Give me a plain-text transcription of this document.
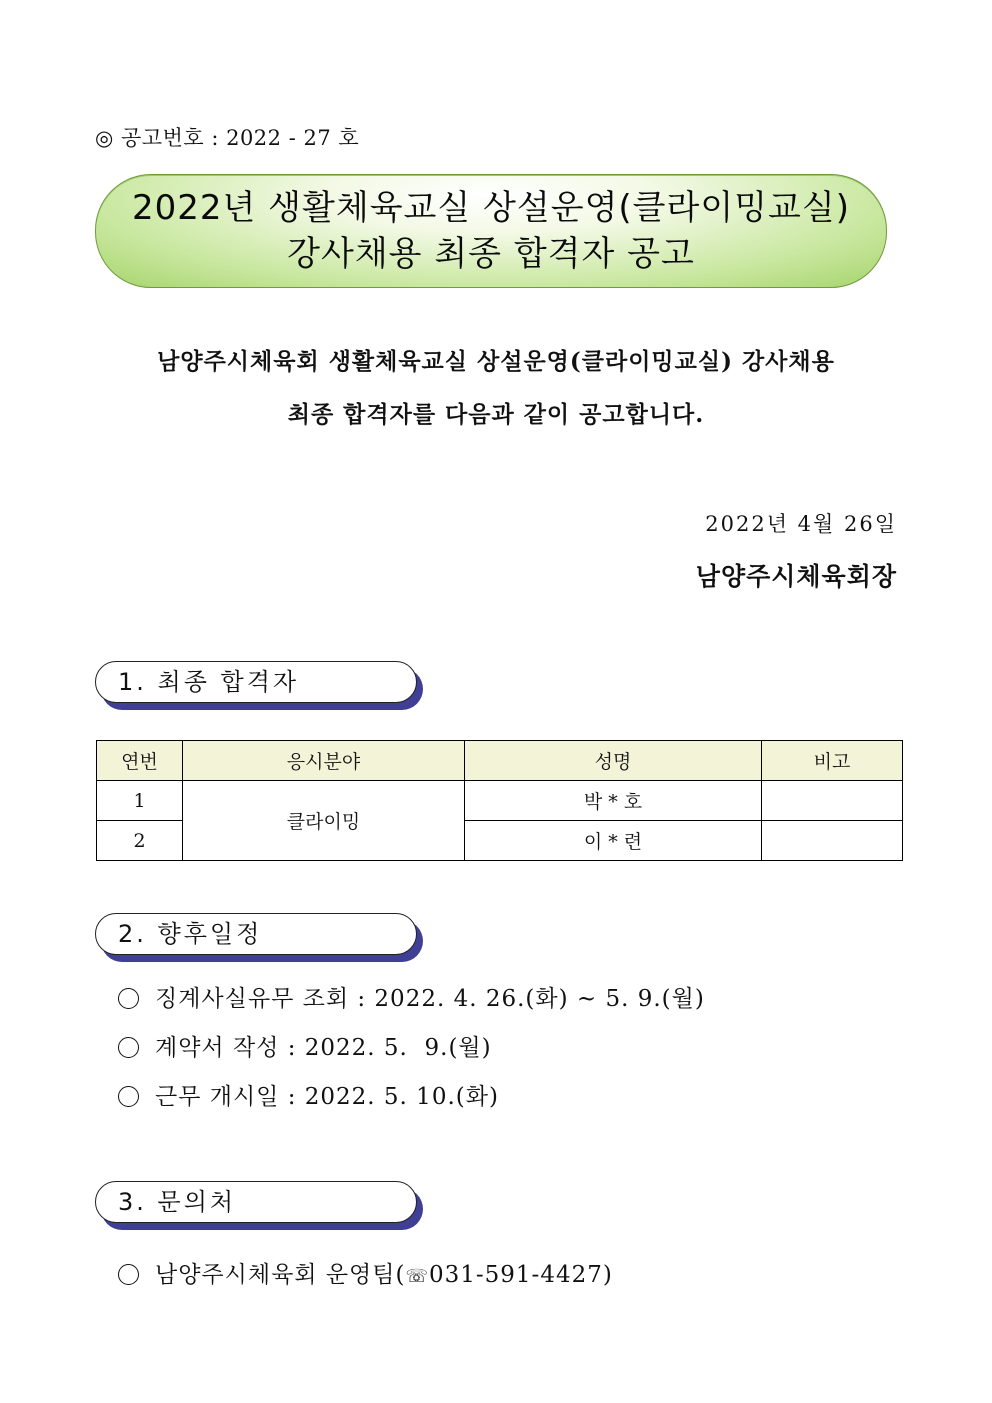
◎ 공고번호 : 2022 - 27 호
2022년 생활체육교실 상설운영(클라이밍교실)
강사채용 최종 합격자 공고
남양주시체육회 생활체육교실 상설운영(클라이밍교실) 강사채용
최종 합격자를 다음과 같이 공고합니다.
2022년 4월 26일
남양주시체육회장
1. 최종 합격자
연번	응시분야	성명	비고
1	클라이밍	박 * 호	
2		이 * 련	
2. 향후일정
징계사실유무 조회 : 2022. 4. 26.(화) ~ 5. 9.(월)
계약서 작성 : 2022. 5.  9.(월)
근무 개시일 : 2022. 5. 10.(화)
3. 문의처
남양주시체육회 운영팀(☏031-591-4427)
